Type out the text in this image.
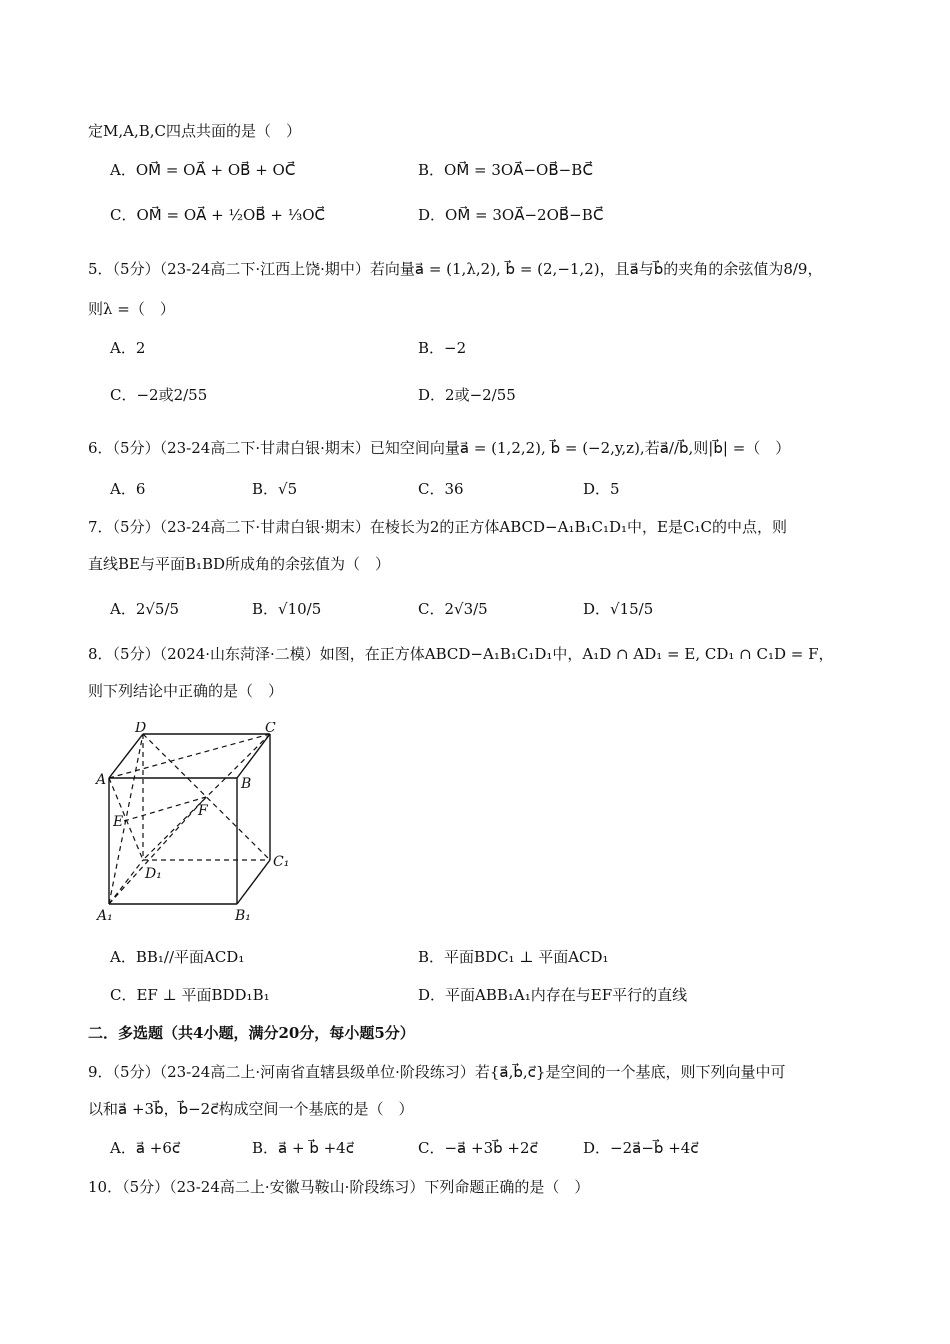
定M,A,B,C四点共面的是（　）
A．OM⃗ = OA⃗ + OB⃗ + OC⃗	B．OM⃗ = 3OA⃗−OB⃗−BC⃗
C．OM⃗ = OA⃗ + ½OB⃗ + ⅓OC⃗	D．OM⃗ = 3OA⃗−2OB⃗−BC⃗
5．（5分）（23-24高二下·江西上饶·期中）若向量a⃗ = (1,λ,2), b⃗ = (2,−1,2)，且a⃗与b⃗的夹角的余弦值为8/9，
则λ =（　）
A．2	B．−2
C．−2或2/55	D．2或−2/55
6．（5分）（23-24高二下·甘肃白银·期末）已知空间向量a⃗ = (1,2,2), b⃗ = (−2,y,z),若a⃗//b⃗,则|b⃗| =（　）
A．6	B．√5	C．36	D．5
7．（5分）（23-24高二下·甘肃白银·期末）在棱长为2的正方体ABCD−A₁B₁C₁D₁中，E是C₁C的中点，则
直线BE与平面B₁BD所成角的余弦值为（　）
A．2√5/5	B．√10/5	C．2√3/5	D．√15/5
8．（5分）（2024·山东菏泽·二模）如图，在正方体ABCD−A₁B₁C₁D₁中，A₁D ∩ AD₁ = E, CD₁ ∩ C₁D = F，
则下列结论中正确的是（　）
D	C
A	B
E
F
D₁
C₁
A₁	B₁
A．BB₁//平面ACD₁	B．平面BDC₁ ⊥ 平面ACD₁
C．EF ⊥ 平面BDD₁B₁	D．平面ABB₁A₁内存在与EF平行的直线
二．多选题（共4小题，满分20分，每小题5分）
9．（5分）（23-24高二上·河南省直辖县级单位·阶段练习）若{a⃗,b⃗,c⃗}是空间的一个基底，则下列向量中可
以和a⃗ +3b⃗，b⃗−2c⃗构成空间一个基底的是（　）
A．a⃗ +6c⃗	B．a⃗ + b⃗ +4c⃗	C．−a⃗ +3b⃗ +2c⃗	D．−2a⃗−b⃗ +4c⃗
10．（5分）（23-24高二上·安徽马鞍山·阶段练习）下列命题正确的是（　）
